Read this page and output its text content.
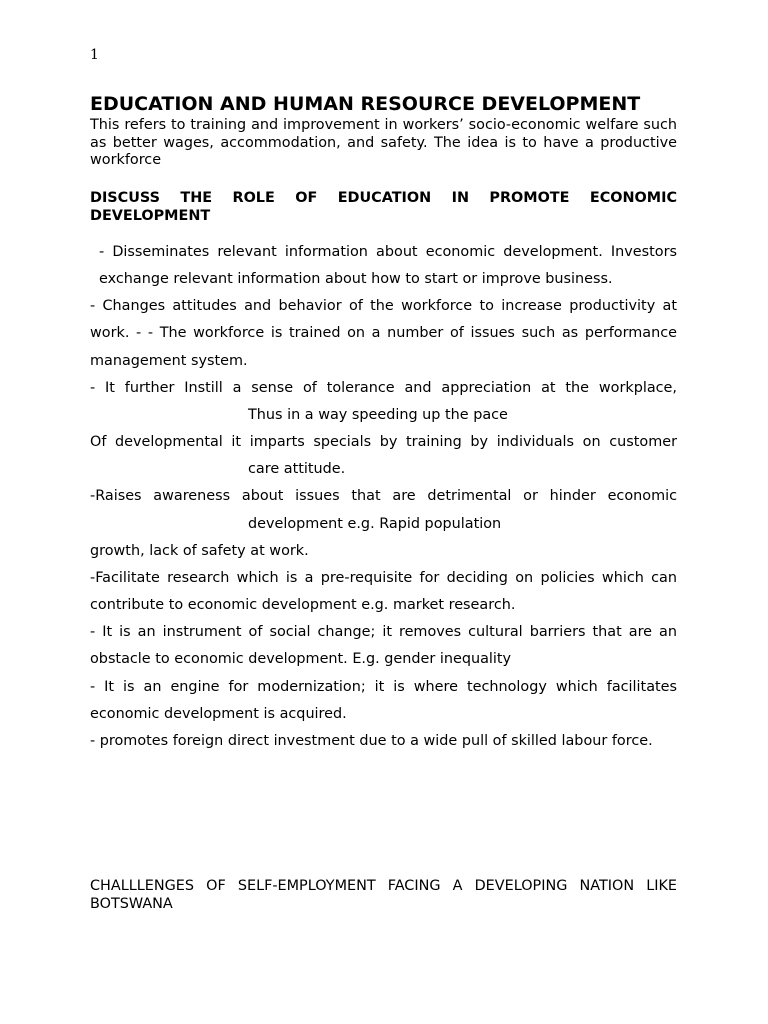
1
EDUCATION AND HUMAN RESOURCE DEVELOPMENT
This refers to training and improvement in workers’ socio-economic welfare such as better wages, accommodation, and safety. The idea is to have a productive workforce
DISCUSS THE ROLE OF EDUCATION IN PROMOTE ECONOMIC DEVELOPMENT

- Disseminates relevant information about economic development. Investors exchange relevant information about how to start or improve business.

- Changes attitudes and behavior of the workforce to increase productivity at work. - - The workforce is trained on a number of issues such as performance management system.

- It further Instill a sense of tolerance and appreciation at the workplace,
Thus in a way speeding up the pace

Of developmental it imparts specials by training by individuals on customer
care attitude.

-Raises awareness about issues that are detrimental or hinder economic
development e.g. Rapid population

growth, lack of safety at work.

-Facilitate research which is a pre-requisite for deciding on policies which can contribute to economic development e.g. market research.

- It is an instrument of social change; it removes cultural barriers that are an obstacle to economic development. E.g. gender inequality

- It is an engine for modernization; it is where technology which facilitates economic development is acquired.

- promotes foreign direct investment due to a wide pull of skilled labour force.

CHALLLENGES OF SELF-EMPLOYMENT FACING A DEVELOPING NATION LIKE BOTSWANA
